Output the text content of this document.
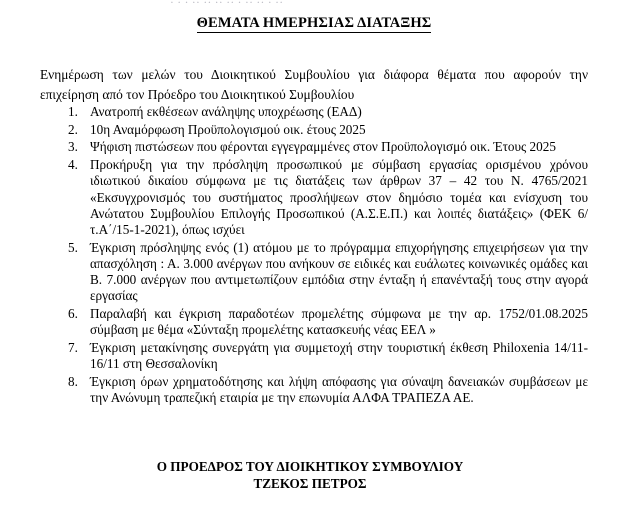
· · · ·· ·· ·· ·· · ·· ·· · ··
ΘΕΜΑΤΑ ΗΜΕΡΗΣΙΑΣ ΔΙΑΤΑΞΗΣ

Ενημέρωση των μελών του Διοικητικού Συμβουλίου για διάφορα θέματα που αφορούν την επιχείρηση από τον Πρόεδρο του Διοικητικού Συμβουλίου

Ανατροπή εκθέσεων ανάληψης υποχρέωσης (ΕΑΔ)
10η Αναμόρφωση Προϋπολογισμού οικ. έτους 2025
Ψήφιση πιστώσεων που φέρονται εγγεγραμμένες στον Προϋπολογισμό οικ. Έτους 2025
Προκήρυξη για την πρόσληψη προσωπικού με σύμβαση εργασίας ορισμένου χρόνου ιδιωτικού δικαίου σύμφωνα με τις διατάξεις των άρθρων 37 – 42 του Ν. 4765/2021 «Εκσυγχρονισμός του συστήματος προσλήψεων στον δημόσιο τομέα και ενίσχυση του Ανώτατου Συμβουλίου Επιλογής Προσωπικού (Α.Σ.Ε.Π.) και λοιπές διατάξεις» (ΦΕΚ 6/τ.Α΄/15-1-2021), όπως ισχύει
Έγκριση πρόσληψης ενός (1) ατόμου με το πρόγραμμα επιχορήγησης επιχειρήσεων για την απασχόληση : Α. 3.000 ανέργων που ανήκουν σε ειδικές και ευάλωτες κοινωνικές ομάδες και Β. 7.000 ανέργων που αντιμετωπίζουν εμπόδια στην ένταξη ή επανένταξή τους στην αγορά εργασίας
Παραλαβή και έγκριση παραδοτέων προμελέτης σύμφωνα με την αρ. 1752/01.08.2025 σύμβαση με θέμα «Σύνταξη προμελέτης κατασκευής νέας ΕΕΛ »
Έγκριση μετακίνησης συνεργάτη για συμμετοχή στην τουριστική έκθεση Philoxenia 14/11-16/11 στη Θεσσαλονίκη
Έγκριση όρων χρηματοδότησης και λήψη απόφασης για σύναψη δανειακών συμβάσεων με την Ανώνυμη τραπεζική εταιρία με την επωνυμία ΑΛΦΑ ΤΡΑΠΕΖΑ ΑΕ.
Ο ΠΡΟΕΔΡΟΣ ΤΟΥ ΔΙΟΙΚΗΤΙΚΟΥ ΣΥΜΒΟΥΛΙΟΥ
ΤΖΕΚΟΣ ΠΕΤΡΟΣ
